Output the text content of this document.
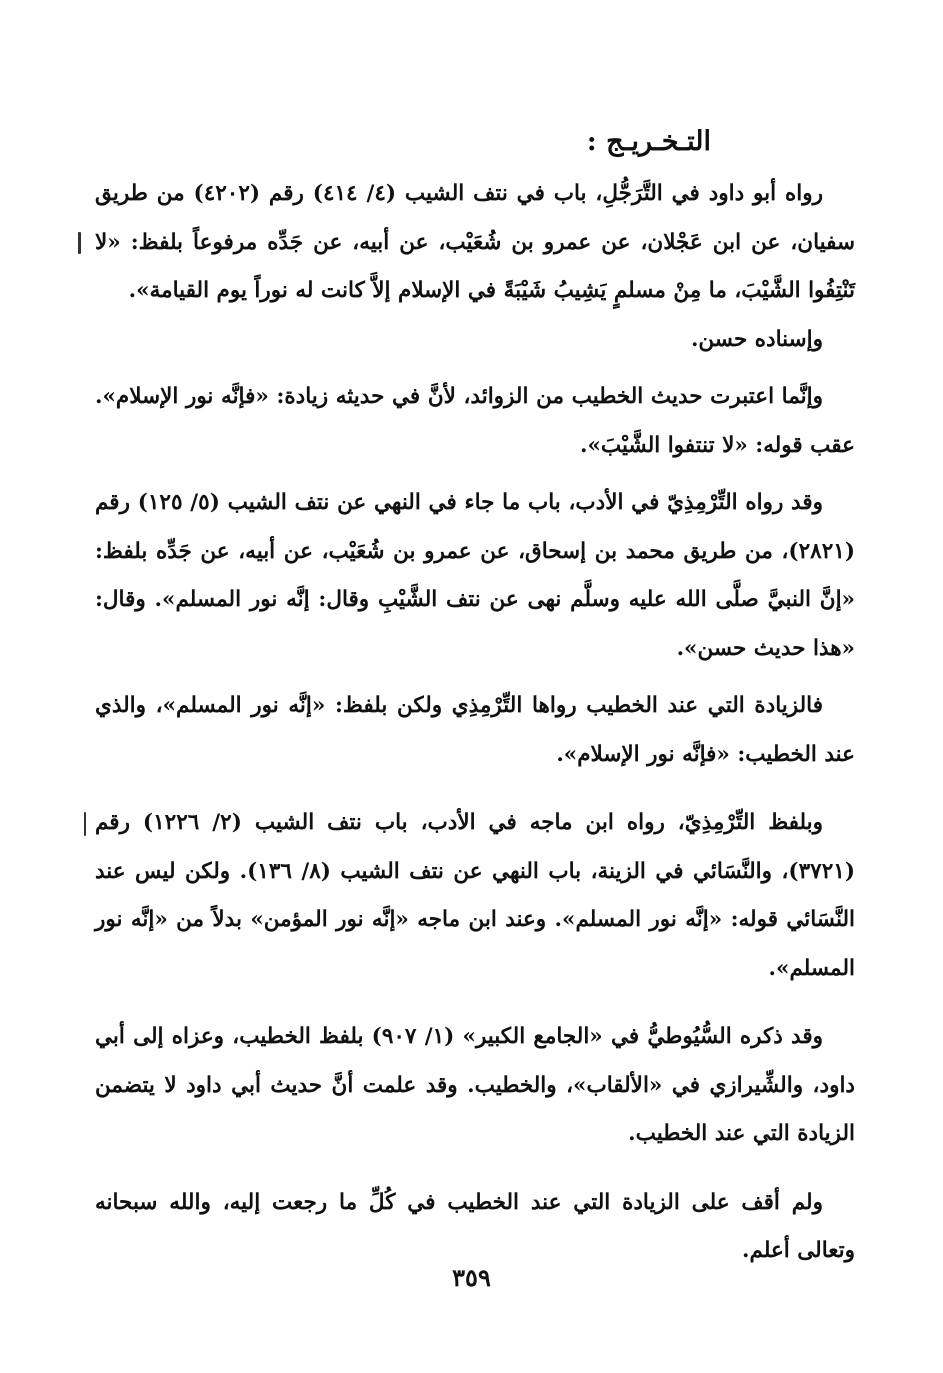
التـخـريـج :

رواه أبو داود في التَّرَجُّلِ، باب في نتف الشيب (٤/ ٤١٤) رقم (٤٢٠٢) من طريق سفيان، عن ابن عَجْلان، عن عمرو بن شُعَيْب، عن أبيه، عن جَدِّه مرفوعاً بلفظ: «لا تَنْتِفُوا الشَّيْبَ، ما مِنْ مسلمٍ يَشِيبُ شَيْبَةً في الإسلام إلاَّ كانت له نوراً يوم القيامة».

وإسناده حسن.

وإنَّما اعتبرت حديث الخطيب من الزوائد، لأنَّ في حديثه زيادة: «فإنَّه نور الإسلام». عقب قوله: «لا تنتفوا الشَّيْبَ».

وقد رواه التِّرْمِذِيّ في الأدب، باب ما جاء في النهي عن نتف الشيب (٥/ ١٢٥) رقم (٢٨٢١)، من طريق محمد بن إسحاق، عن عمرو بن شُعَيْب، عن أبيه، عن جَدِّه بلفظ: «إنَّ النبيَّ صلَّى الله عليه وسلَّم نهى عن نتف الشَّيْبِ وقال: إنَّه نور المسلم». وقال: «هذا حديث حسن».

فالزيادة التي عند الخطيب رواها التِّرْمِذِي ولكن بلفظ: «إنَّه نور المسلم»، والذي عند الخطيب: «فإنَّه نور الإسلام».

وبلفظ التِّرْمِذِيّ، رواه ابن ماجه في الأدب، باب نتف الشيب (٢/ ١٢٢٦) رقم (٣٧٢١)، والنَّسَائي في الزينة، باب النهي عن نتف الشيب (٨/ ١٣٦). ولكن ليس عند النَّسَائي قوله: «إنَّه نور المسلم». وعند ابن ماجه «إنَّه نور المؤمن» بدلاً من «إنَّه نور المسلم».

وقد ذكره السُّيُوطيُّ في «الجامع الكبير» (١/ ٩٠٧) بلفظ الخطيب، وعزاه إلى أبي داود، والشِّيرازي في «الألقاب»، والخطيب. وقد علمت أنَّ حديث أبي داود لا يتضمن الزيادة التي عند الخطيب.

ولم أقف على الزيادة التي عند الخطيب في كُلِّ ما رجعت إليه، والله سبحانه وتعالى أعلم.

٣٥٩
